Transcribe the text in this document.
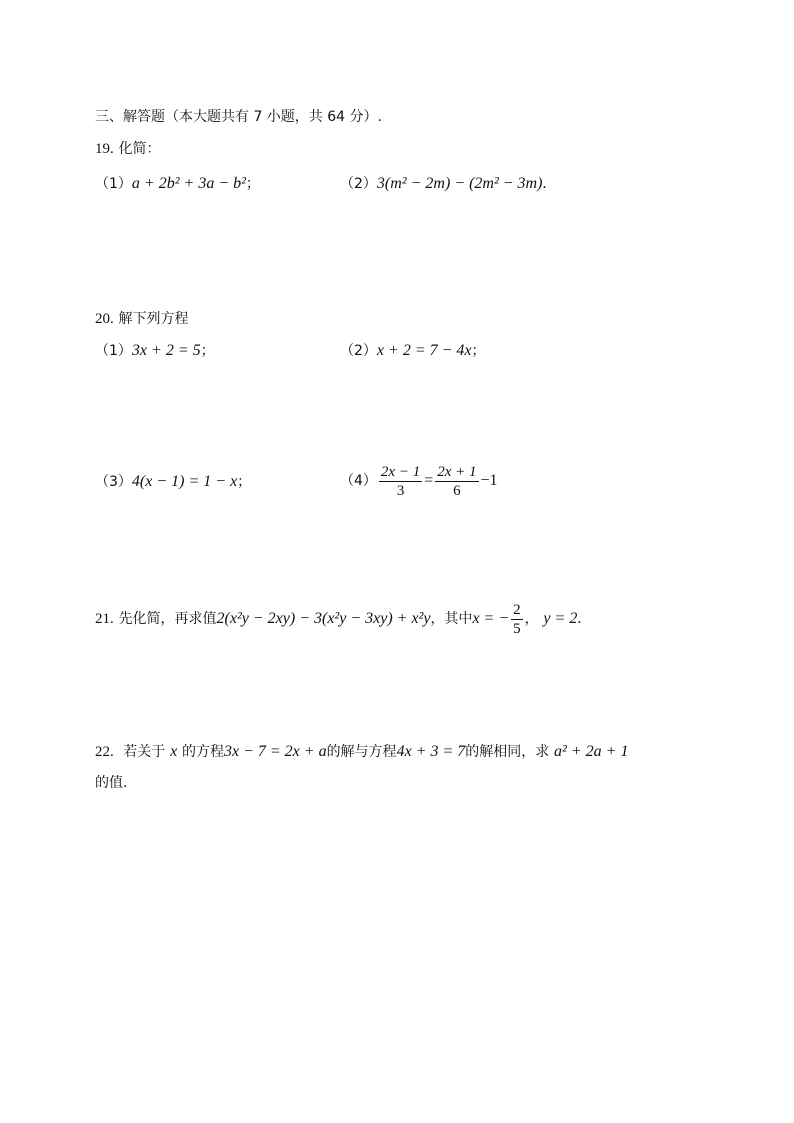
三、解答题（本大题共有 7 小题，共 64 分）.
19. 化简：
（1）a + 2b² + 3a − b²；	（2）3(m² − 2m) − (2m² − 3m).
20. 解下列方程
（1）3x + 2 = 5；	（2）x + 2 = 7 − 4x；
（3）4(x − 1) = 1 − x；	$(4) \frac{2x - 1}{3} = \frac{2x + 1}{6} -1$
21.
先化简，再求值 2(x²y − 2xy) − 3(x²y − 3xy) + x²y ，其中 x = − $\frac{2}{5}$ ，
y = 2 .
22. 若关于 x 的方程3x − 7 = 2x + a的解与方程4x + 3 = 7的解相同，求 a² + 2a + 1
的值.
